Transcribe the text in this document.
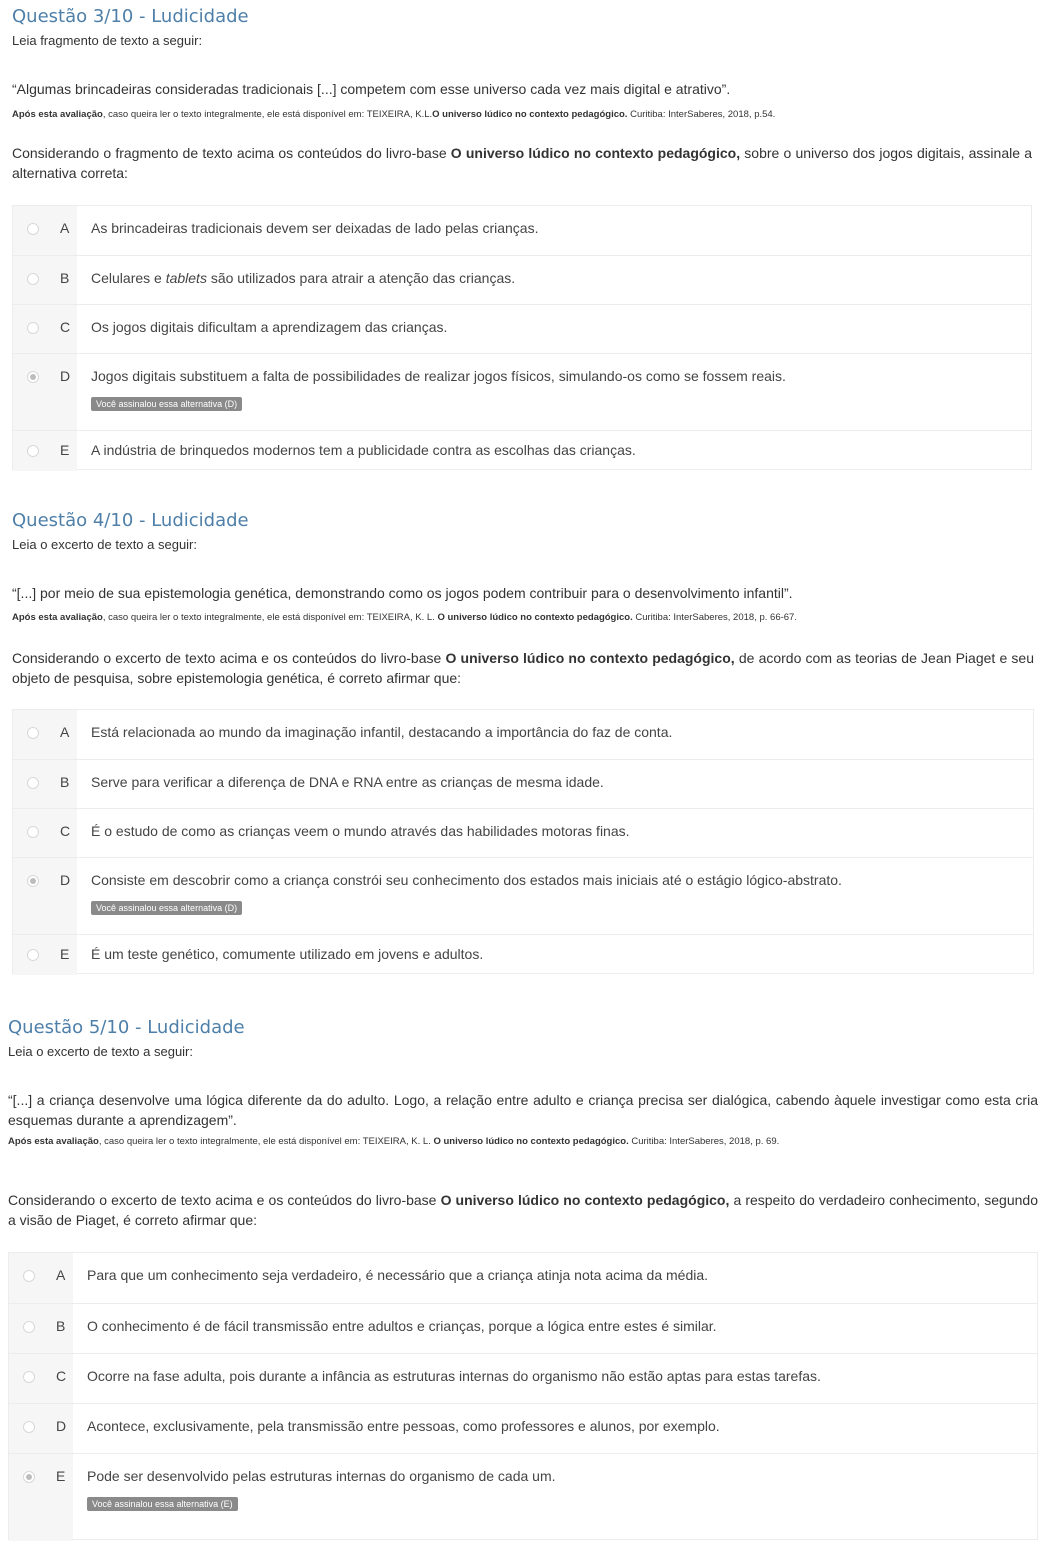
Questão 3/10 - Ludicidade
Leia fragmento de texto a seguir:
“Algumas brincadeiras consideradas tradicionais [...] competem com esse universo cada vez mais digital e atrativo”.
Após esta avaliação, caso queira ler o texto integralmente, ele está disponível em: TEIXEIRA, K.L.O universo lúdico no contexto pedagógico. Curitiba: InterSaberes, 2018, p.54.
Considerando o fragmento de texto acima os conteúdos do livro-base O universo lúdico no contexto pedagógico, sobre o universo dos jogos digitais, assinale a alternativa correta:
A As brincadeiras tradicionais devem ser deixadas de lado pelas crianças.
B Celulares e tablets são utilizados para atrair a atenção das crianças.
C Os jogos digitais dificultam a aprendizagem das crianças.
D Jogos digitais substituem a falta de possibilidades de realizar jogos físicos, simulando-os como se fossem reais.
Você assinalou essa alternativa (D)
E A indústria de brinquedos modernos tem a publicidade contra as escolhas das crianças.
Questão 4/10 - Ludicidade
Leia o excerto de texto a seguir:
“[...] por meio de sua epistemologia genética, demonstrando como os jogos podem contribuir para o desenvolvimento infantil”.
Após esta avaliação, caso queira ler o texto integralmente, ele está disponível em: TEIXEIRA, K. L. O universo lúdico no contexto pedagógico. Curitiba: InterSaberes, 2018, p. 66-67.
Considerando o excerto de texto acima e os conteúdos do livro-base O universo lúdico no contexto pedagógico, de acordo com as teorias de Jean Piaget e seu objeto de pesquisa, sobre epistemologia genética, é correto afirmar que:
A Está relacionada ao mundo da imaginação infantil, destacando a importância do faz de conta.
B Serve para verificar a diferença de DNA e RNA entre as crianças de mesma idade.
C É o estudo de como as crianças veem o mundo através das habilidades motoras finas.
D Consiste em descobrir como a criança constrói seu conhecimento dos estados mais iniciais até o estágio lógico-abstrato.
Você assinalou essa alternativa (D)
E É um teste genético, comumente utilizado em jovens e adultos.
Questão 5/10 - Ludicidade
Leia o excerto de texto a seguir:
“[...] a criança desenvolve uma lógica diferente da do adulto. Logo, a relação entre adulto e criança precisa ser dialógica, cabendo àquele investigar como esta cria esquemas durante a aprendizagem”.
Após esta avaliação, caso queira ler o texto integralmente, ele está disponível em: TEIXEIRA, K. L. O universo lúdico no contexto pedagógico. Curitiba: InterSaberes, 2018, p. 69.
Considerando o excerto de texto acima e os conteúdos do livro-base O universo lúdico no contexto pedagógico, a respeito do verdadeiro conhecimento, segundo a visão de Piaget, é correto afirmar que:
A Para que um conhecimento seja verdadeiro, é necessário que a criança atinja nota acima da média.
B O conhecimento é de fácil transmissão entre adultos e crianças, porque a lógica entre estes é similar.
C Ocorre na fase adulta, pois durante a infância as estruturas internas do organismo não estão aptas para estas tarefas.
D Acontece, exclusivamente, pela transmissão entre pessoas, como professores e alunos, por exemplo.
E Pode ser desenvolvido pelas estruturas internas do organismo de cada um.
Você assinalou essa alternativa (E)
